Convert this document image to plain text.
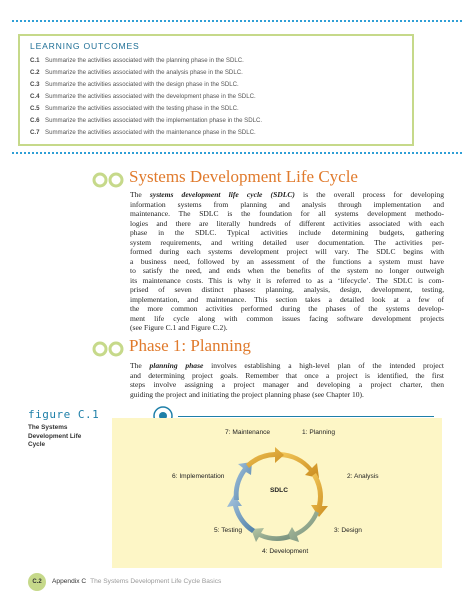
LEARNING OUTCOMES
C.1 Summarize the activities associated with the planning phase in the SDLC.
C.2 Summarize the activities associated with the analysis phase in the SDLC.
C.3 Summarize the activities associated with the design phase in the SDLC.
C.4 Summarize the activities associated with the development phase in the SDLC.
C.5 Summarize the activities associated with the testing phase in the SDLC.
C.6 Summarize the activities associated with the implementation phase in the SDLC.
C.7 Summarize the activities associated with the maintenance phase in the SDLC.
Systems Development Life Cycle
The systems development life cycle (SDLC) is the overall process for developing
information systems from planning and analysis through implementation and
maintenance. The SDLC is the foundation for all systems development methodo-
logies and there are literally hundreds of different activities associated with each
phase in the SDLC. Typical activities include determining budgets, gathering
system requirements, and writing detailed user documentation. The activities per-
formed during each systems development project will vary. The SDLC begins with
a business need, followed by an assessment of the functions a system must have
to satisfy the need, and ends when the benefits of the system no longer outweigh
its maintenance costs. This is why it is referred to as a ‘lifecycle’. The SDLC is com-
prised of seven distinct phases: planning, analysis, design, development, testing,
implementation, and maintenance. This section takes a detailed look at a few of
the more common activities performed during the phases of the systems develop-
ment life cycle along with common issues facing software development projects
(see Figure C.1 and Figure C.2).
Phase 1: Planning
The planning phase involves establishing a high-level plan of the intended project
and determining project goals. Remember that once a project is identified, the first
steps involve assigning a project manager and developing a project charter, then
guiding the project and initiating the project planning phase (see Chapter 10).
figure C.1
The Systems Development Life Cycle
SDLC
1: Planning
2: Analysis
3: Design
4: Development
5: Testing
6: Implementation
7: Maintenance
C.2	Appendix C The Systems Development Life Cycle Basics
